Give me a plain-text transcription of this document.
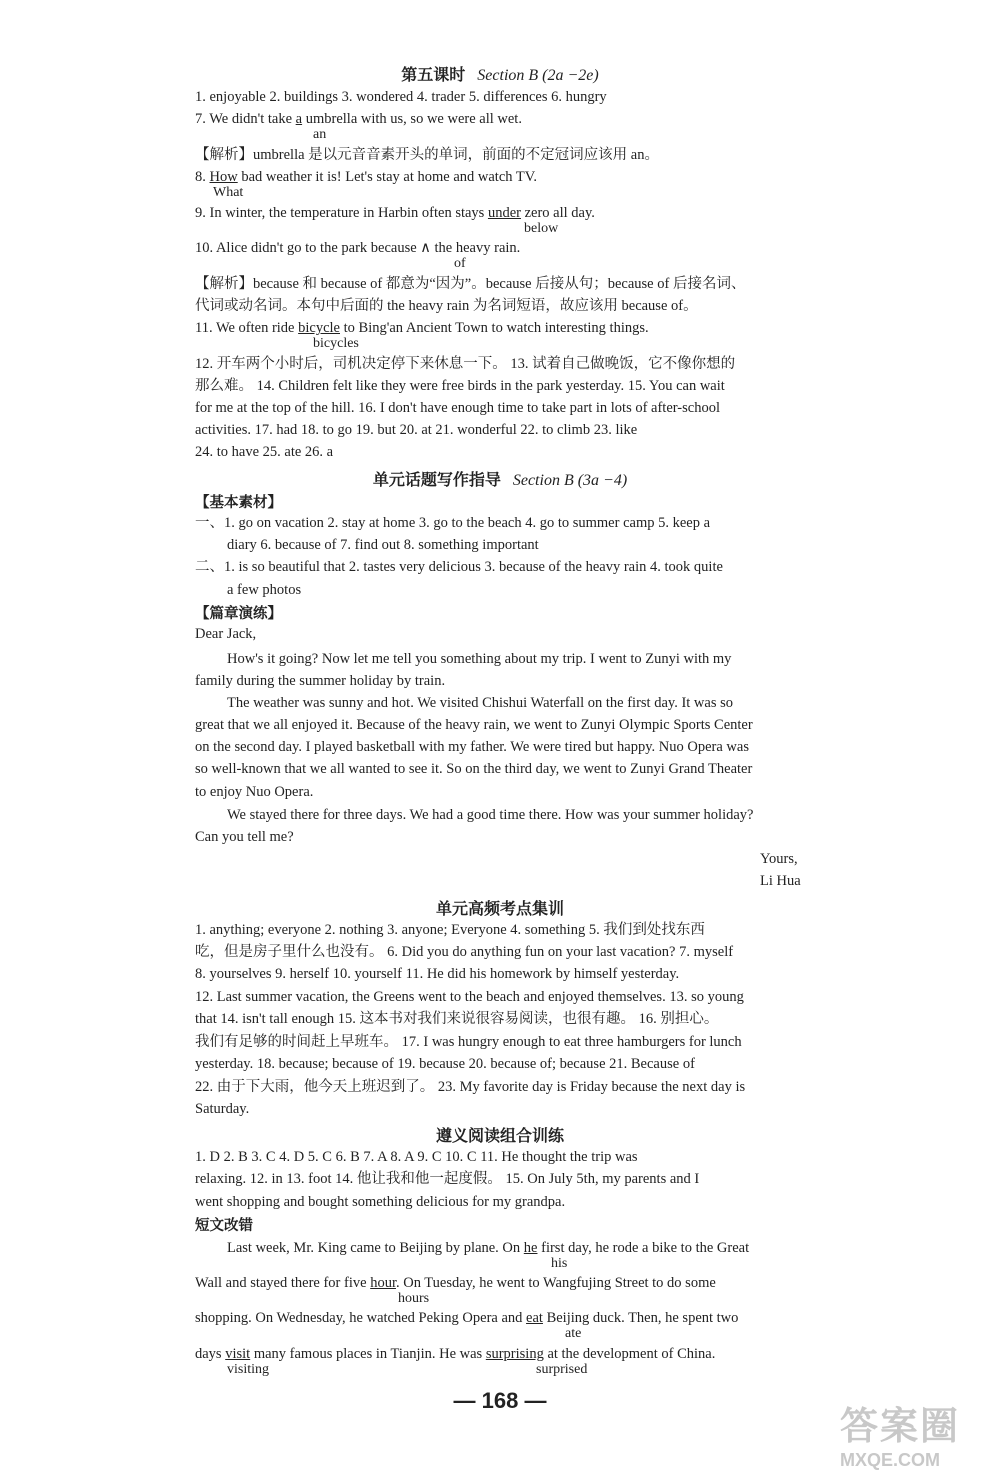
第五课时 Section B (2a −2e)
1. enjoyable 2. buildings 3. wondered 4. trader 5. differences 6. hungry
7. We didn't take a umbrella with us, so we were all wet.
an
【解析】umbrella 是以元音音素开头的单词，前面的不定冠词应该用 an。
8. How bad weather it is! Let's stay at home and watch TV.
What
9. In winter, the temperature in Harbin often stays under zero all day.
below
10. Alice didn't go to the park because ∧ the heavy rain.
of
【解析】because 和 because of 都意为“因为”。because 后接从句；because of 后接名词、
代词或动名词。本句中后面的 the heavy rain 为名词短语，故应该用 because of。
11. We often ride bicycle to Bing'an Ancient Town to watch interesting things.
bicycles
12. 开车两个小时后，司机决定停下来休息一下。 13. 试着自己做晚饭，它不像你想的
那么难。 14. Children felt like they were free birds in the park yesterday. 15. You can wait
for me at the top of the hill. 16. I don't have enough time to take part in lots of after-school
activities. 17. had 18. to go 19. but 20. at 21. wonderful 22. to climb 23. like
24. to have 25. ate 26. a
单元话题写作指导 Section B (3a −4)
【基本素材】
一、1. go on vacation 2. stay at home 3. go to the beach 4. go to summer camp 5. keep a
diary 6. because of 7. find out 8. something important
二、1. is so beautiful that 2. tastes very delicious 3. because of the heavy rain 4. took quite
a few photos
【篇章演练】
Dear Jack,
How's it going? Now let me tell you something about my trip. I went to Zunyi with my
family during the summer holiday by train.
The weather was sunny and hot. We visited Chishui Waterfall on the first day. It was so
great that we all enjoyed it. Because of the heavy rain, we went to Zunyi Olympic Sports Center
on the second day. I played basketball with my father. We were tired but happy. Nuo Opera was
so well-known that we all wanted to see it. So on the third day, we went to Zunyi Grand Theater
to enjoy Nuo Opera.
We stayed there for three days. We had a good time there. How was your summer holiday?
Can you tell me?
Yours,
Li Hua
单元高频考点集训
1. anything; everyone 2. nothing 3. anyone; Everyone 4. something 5. 我们到处找东西
吃，但是房子里什么也没有。 6. Did you do anything fun on your last vacation? 7. myself
8. yourselves 9. herself 10. yourself 11. He did his homework by himself yesterday.
12. Last summer vacation, the Greens went to the beach and enjoyed themselves. 13. so young
that 14. isn't tall enough 15. 这本书对我们来说很容易阅读，也很有趣。 16. 别担心。
我们有足够的时间赶上早班车。 17. I was hungry enough to eat three hamburgers for lunch
yesterday. 18. because; because of 19. because 20. because of; because 21. Because of
22. 由于下大雨，他今天上班迟到了。 23. My favorite day is Friday because the next day is
Saturday.
遵义阅读组合训练
1. D 2. B 3. C 4. D 5. C 6. B 7. A 8. A 9. C 10. C 11. He thought the trip was
relaxing. 12. in 13. foot 14. 他让我和他一起度假。 15. On July 5th, my parents and I
went shopping and bought something delicious for my grandpa.
短文改错
Last week, Mr. King came to Beijing by plane. On he first day, he rode a bike to the Great
his
Wall and stayed there for five hour. On Tuesday, he went to Wangfujing Street to do some
hours
shopping. On Wednesday, he watched Peking Opera and eat Beijing duck. Then, he spent two
ate
days visit many famous places in Tianjin. He was surprising at the development of China.
visiting	surprised
— 168 —
答案圈
MXQE.COM
